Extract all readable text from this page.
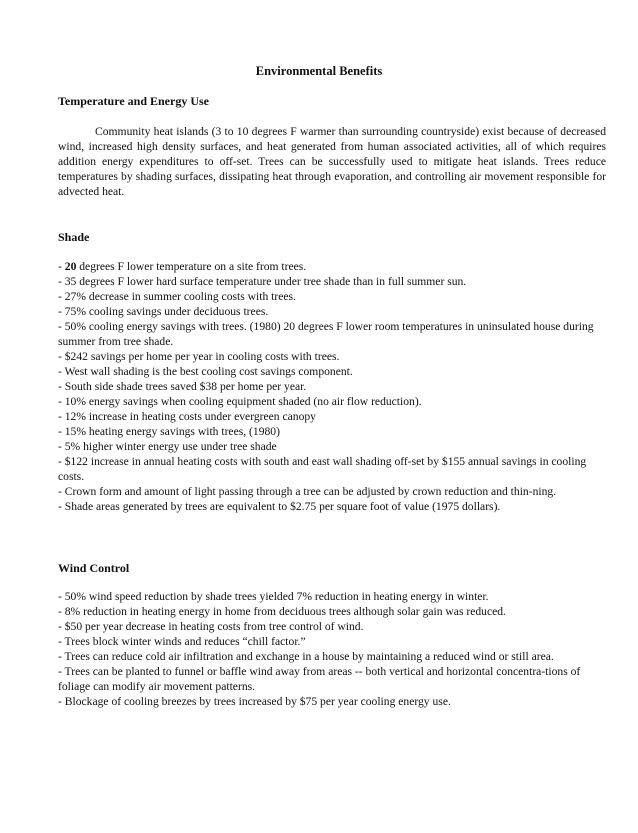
Environmental Benefits
Temperature and Energy Use
Community heat islands (3 to 10 degrees F warmer than surrounding countryside) exist because of decreased wind, increased high density surfaces, and heat generated from human associated activities, all of which requires addition energy expenditures to off-set. Trees can be successfully used to mitigate heat islands. Trees reduce temperatures by shading surfaces, dissipating heat through evaporation, and controlling air movement responsible for advected heat.
Shade
- 20 degrees F lower temperature on a site from trees.
- 35 degrees F lower hard surface temperature under tree shade than in full summer sun.
- 27% decrease in summer cooling costs with trees.
- 75% cooling savings under deciduous trees.
- 50% cooling energy savings with trees. (1980) 20 degrees F lower room temperatures in uninsulated house during summer from tree shade.
- $242 savings per home per year in cooling costs with trees.
- West wall shading is the best cooling cost savings component.
- South side shade trees saved $38 per home per year.
- 10% energy savings when cooling equipment shaded (no air flow reduction).
- 12% increase in heating costs under evergreen canopy
- 15% heating energy savings with trees, (1980)
- 5% higher winter energy use under tree shade
- $122 increase in annual heating costs with south and east wall shading off-set by $155 annual savings in cooling costs.
- Crown form and amount of light passing through a tree can be adjusted by crown reduction and thin-ning.
- Shade areas generated by trees are equivalent to $2.75 per square foot of value (1975 dollars).
Wind Control
- 50% wind speed reduction by shade trees yielded 7% reduction in heating energy in winter.
- 8% reduction in heating energy in home from deciduous trees although solar gain was reduced.
- $50 per year decrease in heating costs from tree control of wind.
- Trees block winter winds and reduces “chill factor.”
- Trees can reduce cold air infiltration and exchange in a house by maintaining a reduced wind or still area.
- Trees can be planted to funnel or baffle wind away from areas -- both vertical and horizontal concentra-tions of foliage can modify air movement patterns.
- Blockage of cooling breezes by trees increased by $75 per year cooling energy use.
